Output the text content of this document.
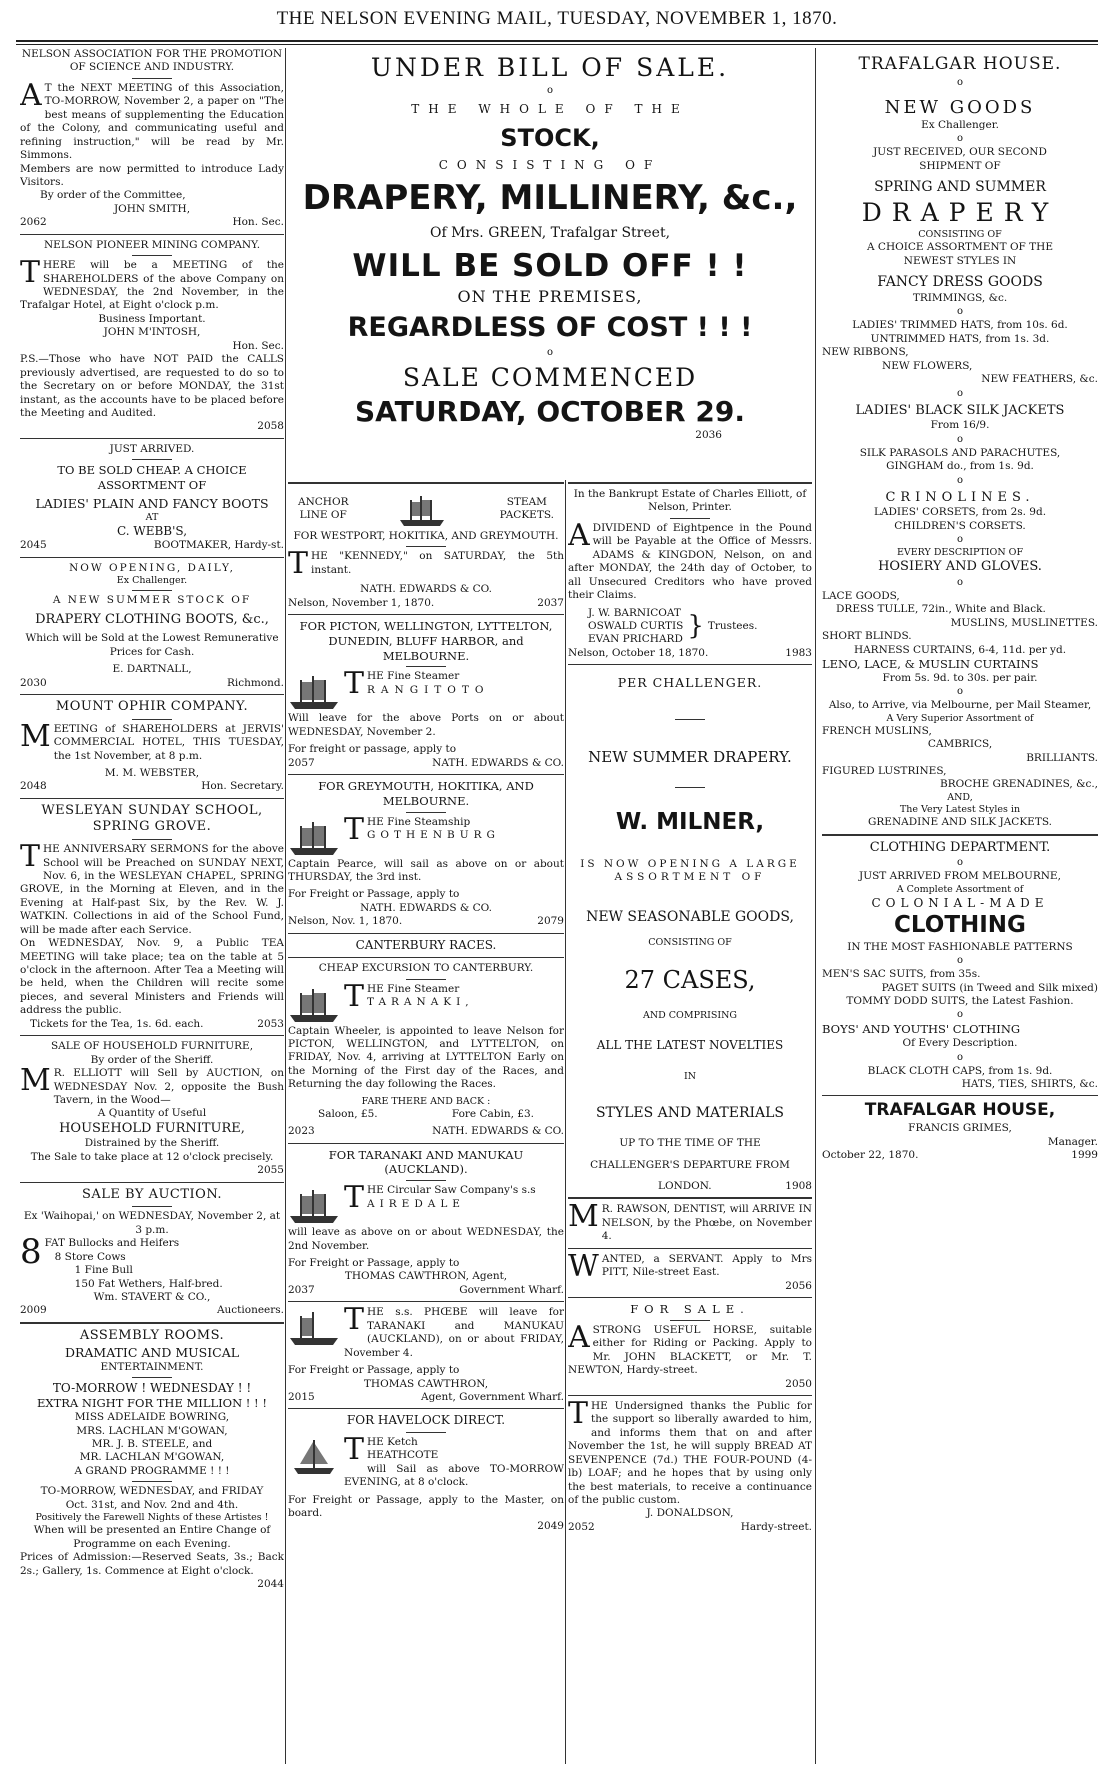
THE NELSON EVENING MAIL, TUESDAY, NOVEMBER 1, 1870.

NELSON ASSOCIATION FOR THE PROMOTION OF SCIENCE AND INDUSTRY.

A T the NEXT MEETING of this Association, TO-MORROW, November 2, a paper on "The best means of supplementing the Education of the Colony, and communicating useful and refining instruction," will be read by Mr. Simmons.

Members are now permitted to introduce Lady Visitors.

By order of the Committee,

JOHN SMITH,

2062	Hon. Sec.

NELSON PIONEER MINING COMPANY.

THERE will be a MEETING of the SHAREHOLDERS of the above Company on WEDNESDAY, the 2nd November, in the Trafalgar Hotel, at Eight o'clock p.m.

Business Important.

JOHN M'INTOSH,

Hon. Sec.

P.S.—Those who have NOT PAID the CALLS previously advertised, are requested to do so to the Secretary on or before MONDAY, the 31st instant, as the accounts have to be placed before the Meeting and Audited.

2058

JUST ARRIVED.

TO BE SOLD CHEAP. A CHOICE

ASSORTMENT OF

LADIES' PLAIN AND FANCY BOOTS

AT

C. WEBB'S,

2045	BOOTMAKER, Hardy-st.

NOW OPENING, DAILY,

Ex Challenger.

A NEW SUMMER STOCK OF

DRAPERY CLOTHING BOOTS, &c.,

Which will be Sold at the Lowest Remunerative Prices for Cash.

E. DARTNALL,

2030	Richmond.

MOUNT OPHIR COMPANY.

MEETING of SHAREHOLDERS at JERVIS' COMMERCIAL HOTEL, THIS TUESDAY, the 1st November, at 8 p.m.

M. M. WEBSTER,

2048	Hon. Secretary.

WESLEYAN SUNDAY SCHOOL, SPRING GROVE.

THE ANNIVERSARY SERMONS for the above School will be Preached on SUNDAY NEXT, Nov. 6, in the WESLEYAN CHAPEL, SPRING GROVE, in the Morning at Eleven, and in the Evening at Half-past Six, by the Rev. W. J. WATKIN. Collections in aid of the School Fund, will be made after each Service.

On WEDNESDAY, Nov. 9, a Public TEA MEETING will take place; tea on the table at 5 o'clock in the afternoon. After Tea a Meeting will be held, when the Children will recite some pieces, and several Ministers and Friends will address the public.

Tickets for the Tea, 1s. 6d. each.	2053

SALE OF HOUSEHOLD FURNITURE,

By order of the Sheriff.

M R. ELLIOTT will Sell by AUCTION, on WEDNESDAY Nov. 2, opposite the Bush Tavern, in the Wood—

A Quantity of Useful

HOUSEHOLD FURNITURE,

Distrained by the Sheriff.

The Sale to take place at 12 o'clock precisely.

2055

SALE BY AUCTION.

Ex 'Waihopai,' on WEDNESDAY, November 2, at 3 p.m.

8 FAT Bullocks and Heifers

8 Store Cows

1 Fine Bull

150 Fat Wethers, Half-bred.

Wm. STAVERT & CO.,

2009	Auctioneers.

ASSEMBLY ROOMS.

DRAMATIC AND MUSICAL

ENTERTAINMENT.

TO-MORROW ! WEDNESDAY ! !

EXTRA NIGHT FOR THE MILLION ! ! !

MISS ADELAIDE BOWRING,

MRS. LACHLAN M'GOWAN,

MR. J. B. STEELE, and

MR. LACHLAN M'GOWAN,

A GRAND PROGRAMME ! ! !

TO-MORROW, WEDNESDAY, and FRIDAY

Oct. 31st, and Nov. 2nd and 4th.

Positively the Farewell Nights of these Artistes !

When will be presented an Entire Change of Programme on each Evening.

Prices of Admission:—Reserved Seats, 3s.; Back 2s.; Gallery, 1s. Commence at Eight o'clock.

2044

UNDER BILL OF SALE.

o

THE WHOLE OF THE

STOCK,

CONSISTING OF

DRAPERY, MILLINERY, &c.,

Of Mrs. GREEN, Trafalgar Street,

WILL BE SOLD OFF ! !

ON THE PREMISES,

REGARDLESS OF COST ! ! !

o

SALE COMMENCED

SATURDAY, OCTOBER 29.

2036

ANCHOR

LINE OF

STEAM

PACKETS.

FOR WESTPORT, HOKITIKA, AND GREYMOUTH.

THE "KENNEDY," on SATURDAY, the 5th instant.

NATH. EDWARDS & CO.

Nelson, November 1, 1870.	2037

FOR PICTON, WELLINGTON, LYTTELTON, DUNEDIN, BLUFF HARBOR, and MELBOURNE.

THE Fine Steamer

RANGITOTO

Will leave for the above Ports on or about WEDNESDAY, November 2.

For freight or passage, apply to

2057	NATH. EDWARDS & CO.

FOR GREYMOUTH, HOKITIKA, AND MELBOURNE.

THE Fine Steamship

GOTHENBURG

Captain Pearce, will sail as above on or about THURSDAY, the 3rd inst.

For Freight or Passage, apply to

NATH. EDWARDS & CO.

Nelson, Nov. 1, 1870.	2079

CANTERBURY RACES.

CHEAP EXCURSION TO CANTERBURY.

THE Fine Steamer

TARANAKI,

Captain Wheeler, is appointed to leave Nelson for PICTON, WELLINGTON, and LYTTELTON, on FRIDAY, Nov. 4, arriving at LYTTELTON Early on the Morning of the First day of the Races, and Returning the day following the Races.

FARE THERE AND BACK :

Saloon, £5.	Fore Cabin, £3.
2023	NATH. EDWARDS & CO.

FOR TARANAKI AND MANUKAU (AUCKLAND).

THE Circular Saw Company's s.s

AIREDALE

will leave as above on or about WEDNESDAY, the 2nd November.

For Freight or Passage, apply to

THOMAS CAWTHRON, Agent,

2037	Government Wharf.

THE s.s. PHŒBE will leave for TARANAKI and MANUKAU (AUCKLAND), on or about FRIDAY, November 4.

For Freight or Passage, apply to

THOMAS CAWTHRON,

2015	Agent, Government Wharf.

FOR HAVELOCK DIRECT.

THE Ketch

HEATHCOTE

will Sail as above TO-MORROW EVENING, at 8 o'clock.

For Freight or Passage, apply to the Master, on board.

2049

In the Bankrupt Estate of Charles Elliott, of Nelson, Printer.

ADIVIDEND of Eightpence in the Pound will be Payable at the Office of Messrs. ADAMS & KINGDON, Nelson, on and after MONDAY, the 24th day of October, to all Unsecured Creditors who have proved their Claims.

J. W. BARNICOAT

OSWALD CURTIS

EVAN PRICHARD } Trustees.
Nelson, October 18, 1870.	1983

PER CHALLENGER.

NEW SUMMER DRAPERY.

W. MILNER,

IS NOW OPENING A LARGE

ASSORTMENT OF

NEW SEASONABLE GOODS,

CONSISTING OF

27 CASES,

AND COMPRISING

ALL THE LATEST NOVELTIES

IN

STYLES AND MATERIALS

UP TO THE TIME OF THE

CHALLENGER'S DEPARTURE FROM

LONDON.	1908

M R. RAWSON, DENTIST, will ARRIVE IN NELSON, by the Phœbe, on November 4.

WANTED, a SERVANT. Apply to Mrs PITT, Nile-street East.

2056

FOR SALE.

ASTRONG USEFUL HORSE, suitable either for Riding or Packing. Apply to Mr. JOHN BLACKETT, or Mr. T. NEWTON, Hardy-street.

2050

THE Undersigned thanks the Public for the support so liberally awarded to him, and informs them that on and after November the 1st, he will supply BREAD AT SEVENPENCE (7d.) THE FOUR-POUND (4-lb) LOAF; and he hopes that by using only the best materials, to receive a continuance of the public custom.

J. DONALDSON,

2052	Hardy-street.

TRAFALGAR HOUSE.

o

NEW GOODS

Ex Challenger.

o

JUST RECEIVED, OUR SECOND

SHIPMENT OF

SPRING AND SUMMER

DRAPERY

CONSISTING OF

A CHOICE ASSORTMENT OF THE

NEWEST STYLES IN

FANCY DRESS GOODS

TRIMMINGS, &c.

o

LADIES' TRIMMED HATS, from 10s. 6d.

UNTRIMMED HATS, from 1s. 3d.

NEW RIBBONS,

NEW FLOWERS,

NEW FEATHERS, &c.

o

LADIES' BLACK SILK JACKETS

From 16/9.

o

SILK PARASOLS AND PARACHUTES,

GINGHAM do., from 1s. 9d.

o

CRINOLINES.

LADIES' CORSETS, from 2s. 9d.

CHILDREN'S CORSETS.

o

EVERY DESCRIPTION OF

HOSIERY AND GLOVES.

o

LACE GOODS,

DRESS TULLE, 72in., White and Black.

MUSLINS, MUSLINETTES.

SHORT BLINDS.

HARNESS CURTAINS, 6-4, 11d. per yd.

LENO, LACE, & MUSLIN CURTAINS

From 5s. 9d. to 30s. per pair.

o

Also, to Arrive, via Melbourne, per Mail Steamer,

A Very Superior Assortment of

FRENCH MUSLINS,

CAMBRICS,

BRILLIANTS.

FIGURED LUSTRINES,

BROCHE GRENADINES, &c.,

AND,

The Very Latest Styles in

GRENADINE AND SILK JACKETS.

CLOTHING DEPARTMENT.

o

JUST ARRIVED FROM MELBOURNE,

A Complete Assortment of

COLONIAL-MADE

CLOTHING

IN THE MOST FASHIONABLE PATTERNS

o

MEN'S SAC SUITS, from 35s.

PAGET SUITS (in Tweed and Silk mixed)

TOMMY DODD SUITS, the Latest Fashion.

o

BOYS' AND YOUTHS' CLOTHING

Of Every Description.

o

BLACK CLOTH CAPS, from 1s. 9d.

HATS, TIES, SHIRTS, &c.

TRAFALGAR HOUSE,

FRANCIS GRIMES,

Manager.

October 22, 1870.	1999
